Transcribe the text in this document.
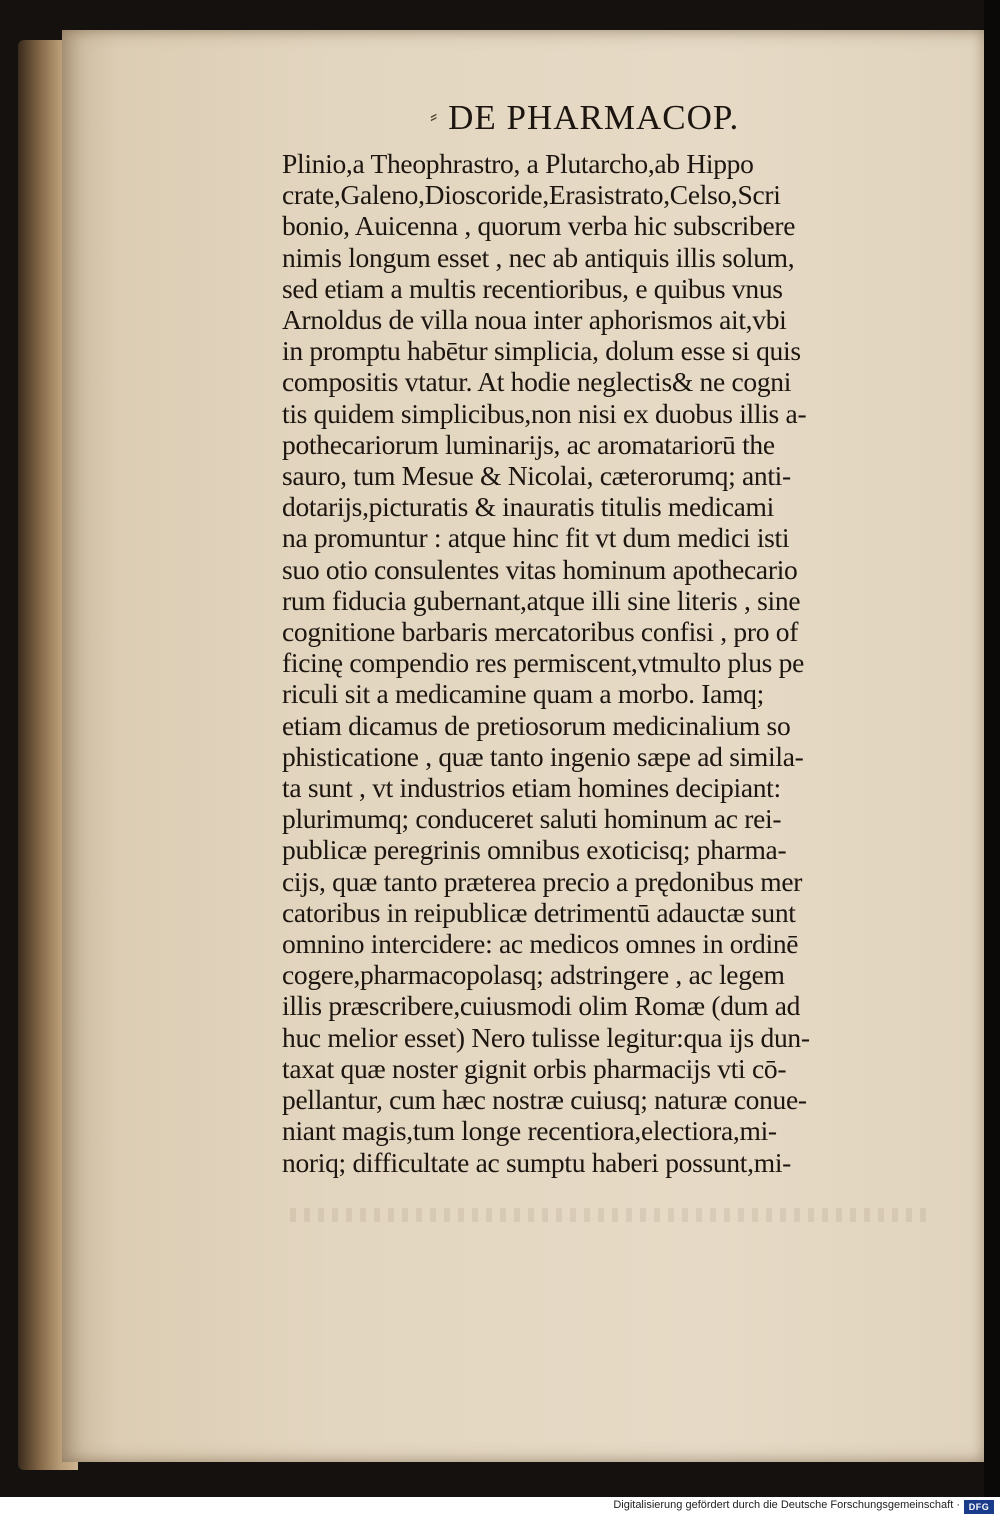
⸗ DE PHARMACOP.
Plinio,a Theophrastro, a Plutarcho,ab Hippo
crate,Galeno,Dioscoride,Erasistrato,Celso,Scri
bonio, Auicenna , quorum verba hic subscribere
nimis longum esset , nec ab antiquis illis solum,
sed etiam a multis recentioribus, e quibus vnus
Arnoldus de villa noua inter aphorismos ait,vbi
in promptu habētur simplicia, dolum esse si quis
compositis vtatur. At hodie neglectis& ne cogni
tis quidem simplicibus,non nisi ex duobus illis a-
pothecariorum luminarijs, ac aromatariorū the
sauro, tum Mesue & Nicolai, cæterorumq; anti-
dotarijs,picturatis & inauratis titulis medicami
na promuntur : atque hinc fit vt dum medici isti
suo otio consulentes vitas hominum apothecario
rum fiducia gubernant,atque illi sine literis , sine
cognitione barbaris mercatoribus confisi , pro of
ficinę compendio res permiscent,vtmulto plus pe
riculi sit a medicamine quam a morbo. Iamq;
etiam dicamus de pretiosorum medicinalium so
phisticatione , quæ tanto ingenio sæpe ad simila-
ta sunt , vt industrios etiam homines decipiant:
plurimumq; conduceret saluti hominum ac rei-
publicæ peregrinis omnibus exoticisq; pharma-
cijs, quæ tanto præterea precio a prędonibus mer
catoribus in reipublicæ detrimentū adauctæ sunt
omnino intercidere: ac medicos omnes in ordinē
cogere,pharmacopolasq; adstringere , ac legem
illis præscribere,cuiusmodi olim Romæ (dum ad
huc melior esset) Nero tulisse legitur:qua ijs dun-
taxat quæ noster gignit orbis pharmacijs vti cō-
pellantur, cum hæc nostræ cuiusq; naturæ conue-
niant magis,tum longe recentiora,electiora,mi-
noriq; difficultate ac sumptu haberi possunt,mi-
Digitalisierung gefördert durch die Deutsche Forschungsgemeinschaft · DFG
